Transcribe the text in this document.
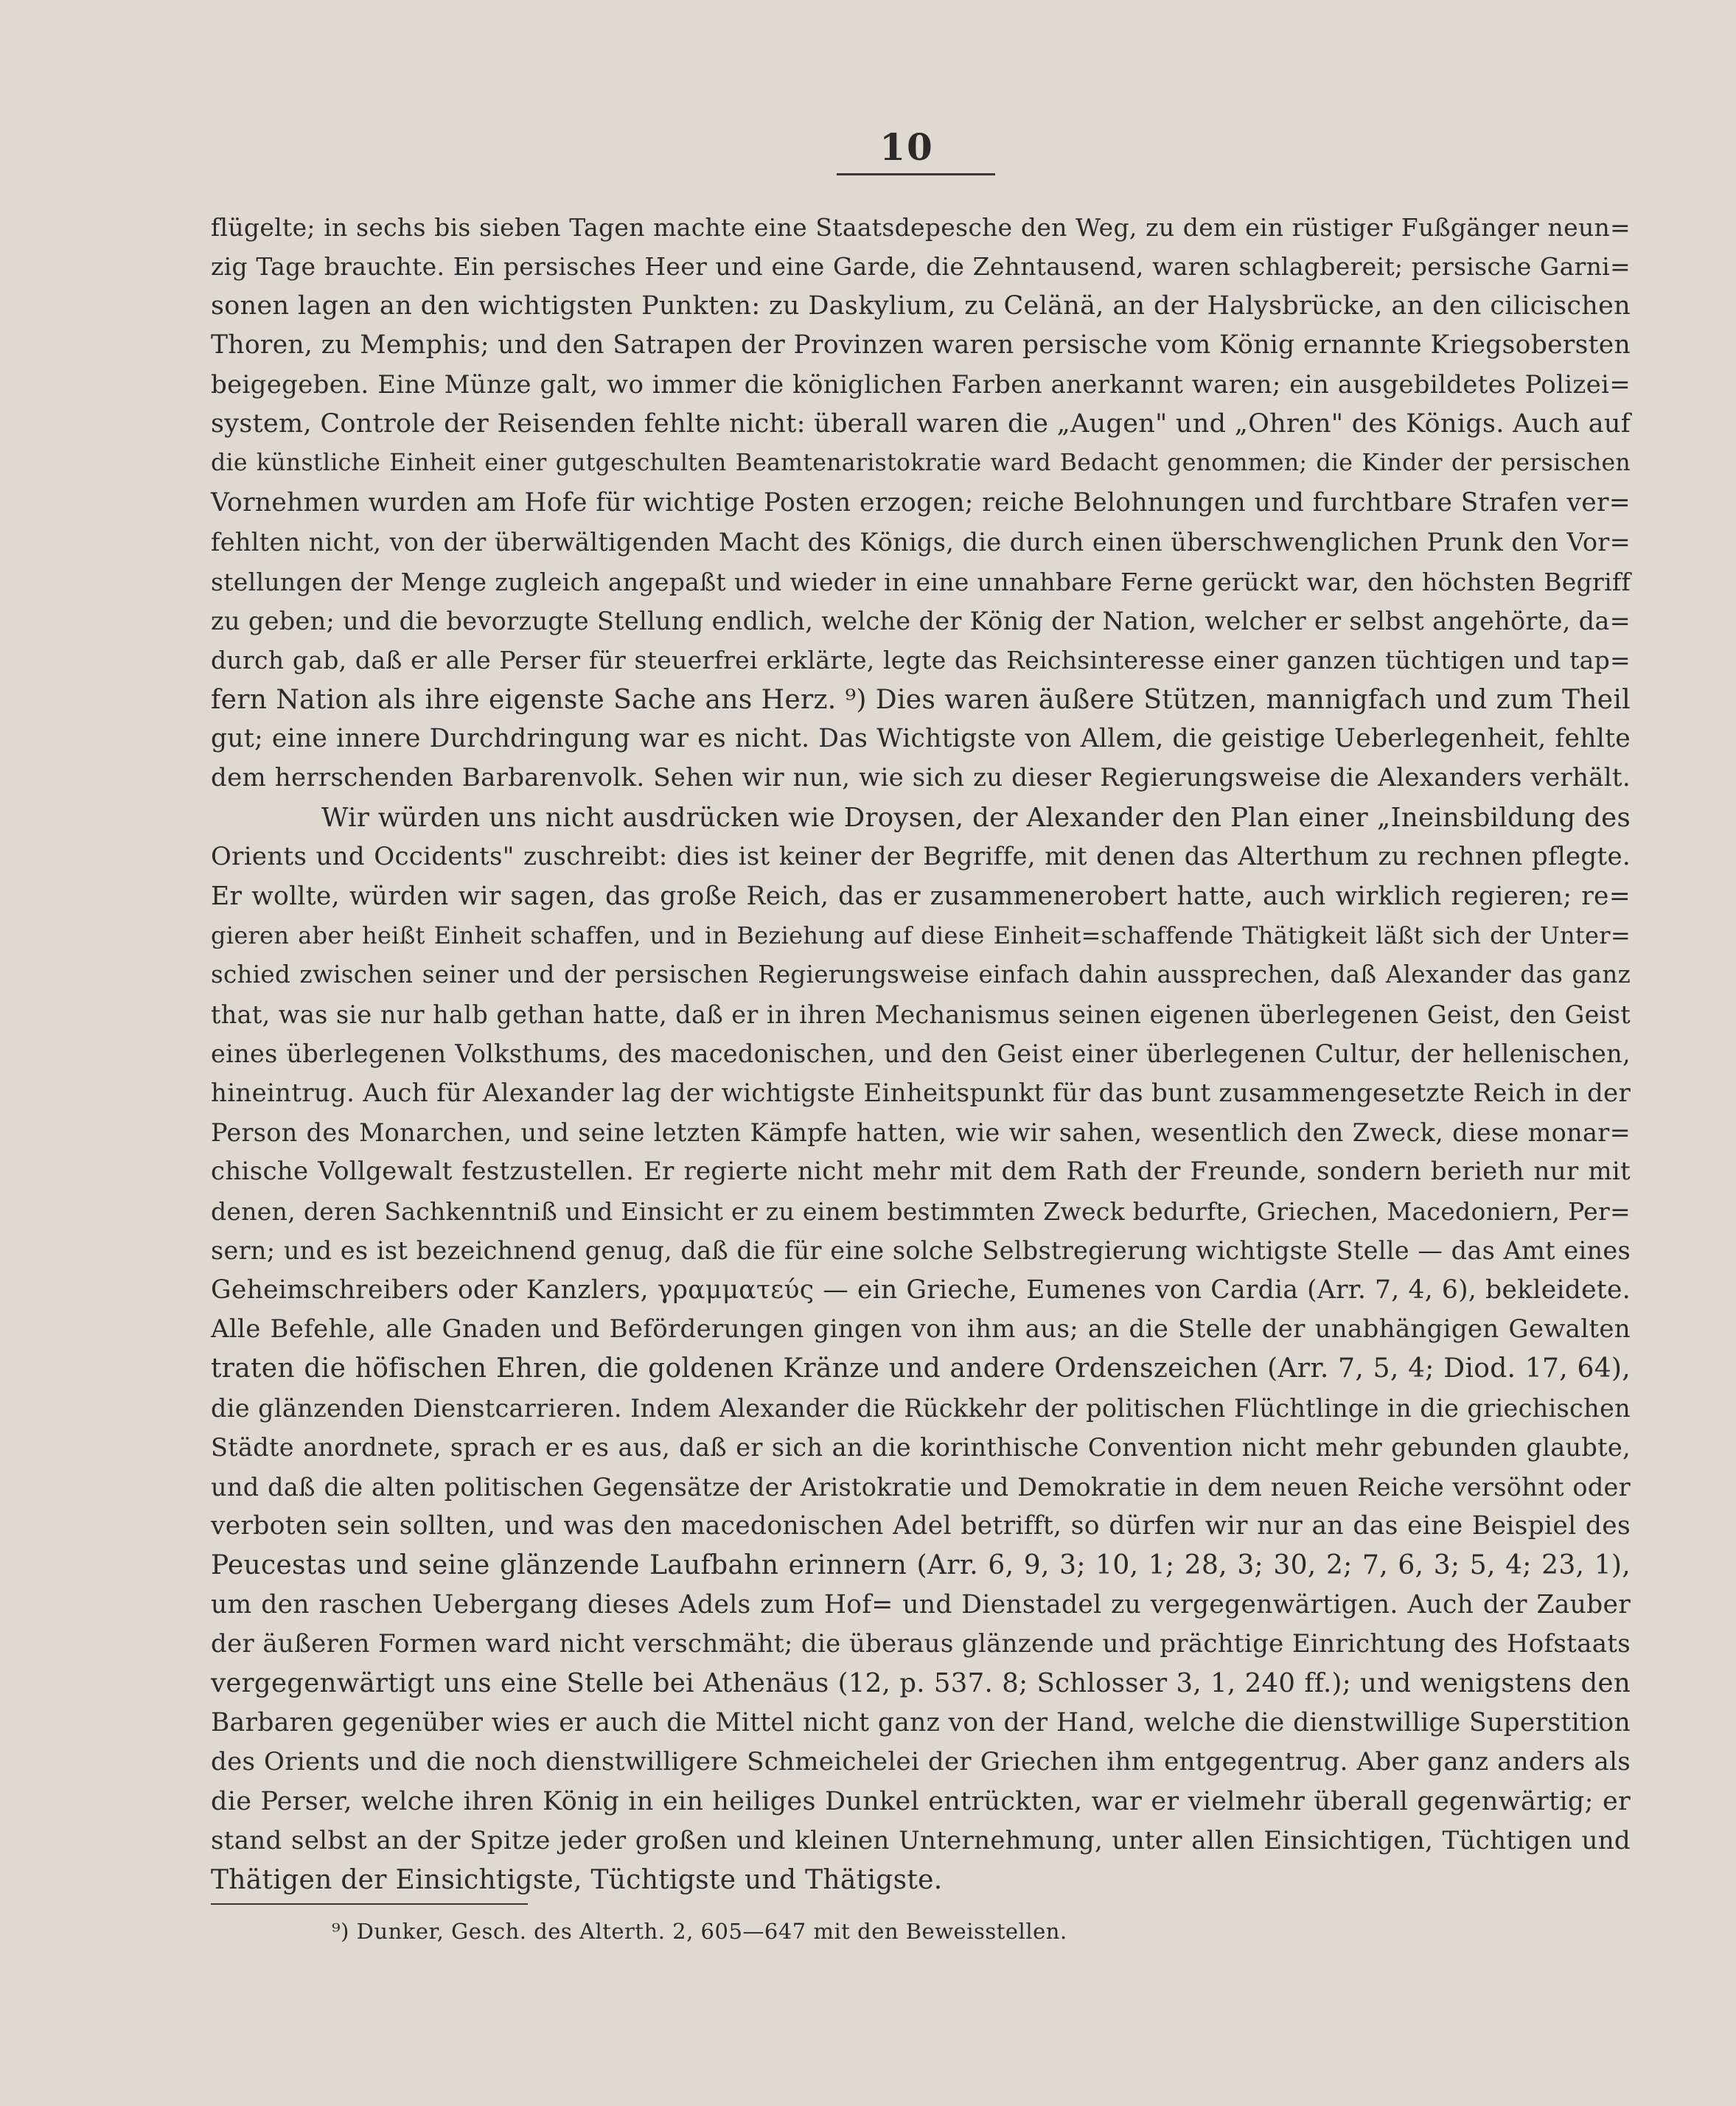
10
flügelte; in sechs bis sieben Tagen machte eine Staatsdepesche den Weg, zu dem ein rüstiger Fußgänger neun=
zig Tage brauchte. Ein persisches Heer und eine Garde, die Zehntausend, waren schlagbereit; persische Garni=
sonen lagen an den wichtigsten Punkten: zu Daskylium, zu Celänä, an der Halysbrücke, an den cilicischen
Thoren, zu Memphis; und den Satrapen der Provinzen waren persische vom König ernannte Kriegsobersten
beigegeben. Eine Münze galt, wo immer die königlichen Farben anerkannt waren; ein ausgebildetes Polizei=
system, Controle der Reisenden fehlte nicht: überall waren die „Augen" und „Ohren" des Königs. Auch auf
die künstliche Einheit einer gutgeschulten Beamtenaristokratie ward Bedacht genommen; die Kinder der persischen
Vornehmen wurden am Hofe für wichtige Posten erzogen; reiche Belohnungen und furchtbare Strafen ver=
fehlten nicht, von der überwältigenden Macht des Königs, die durch einen überschwenglichen Prunk den Vor=
stellungen der Menge zugleich angepaßt und wieder in eine unnahbare Ferne gerückt war, den höchsten Begriff
zu geben; und die bevorzugte Stellung endlich, welche der König der Nation, welcher er selbst angehörte, da=
durch gab, daß er alle Perser für steuerfrei erklärte, legte das Reichsinteresse einer ganzen tüchtigen und tap=
fern Nation als ihre eigenste Sache ans Herz. ⁹) Dies waren äußere Stützen, mannigfach und zum Theil
gut; eine innere Durchdringung war es nicht. Das Wichtigste von Allem, die geistige Ueberlegenheit, fehlte
dem herrschenden Barbarenvolk. Sehen wir nun, wie sich zu dieser Regierungsweise die Alexanders verhält.
Wir würden uns nicht ausdrücken wie Droysen, der Alexander den Plan einer „Ineinsbildung des
Orients und Occidents" zuschreibt: dies ist keiner der Begriffe, mit denen das Alterthum zu rechnen pflegte.
Er wollte, würden wir sagen, das große Reich, das er zusammenerobert hatte, auch wirklich regieren; re=
gieren aber heißt Einheit schaffen, und in Beziehung auf diese Einheit=schaffende Thätigkeit läßt sich der Unter=
schied zwischen seiner und der persischen Regierungsweise einfach dahin aussprechen, daß Alexander das ganz
that, was sie nur halb gethan hatte, daß er in ihren Mechanismus seinen eigenen überlegenen Geist, den Geist
eines überlegenen Volksthums, des macedonischen, und den Geist einer überlegenen Cultur, der hellenischen,
hineintrug. Auch für Alexander lag der wichtigste Einheitspunkt für das bunt zusammengesetzte Reich in der
Person des Monarchen, und seine letzten Kämpfe hatten, wie wir sahen, wesentlich den Zweck, diese monar=
chische Vollgewalt festzustellen. Er regierte nicht mehr mit dem Rath der Freunde, sondern berieth nur mit
denen, deren Sachkenntniß und Einsicht er zu einem bestimmten Zweck bedurfte, Griechen, Macedoniern, Per=
sern; und es ist bezeichnend genug, daß die für eine solche Selbstregierung wichtigste Stelle — das Amt eines
Geheimschreibers oder Kanzlers, γραμματεύς — ein Grieche, Eumenes von Cardia (Arr. 7, 4, 6), bekleidete.
Alle Befehle, alle Gnaden und Beförderungen gingen von ihm aus; an die Stelle der unabhängigen Gewalten
traten die höfischen Ehren, die goldenen Kränze und andere Ordenszeichen (Arr. 7, 5, 4; Diod. 17, 64),
die glänzenden Dienstcarrieren. Indem Alexander die Rückkehr der politischen Flüchtlinge in die griechischen
Städte anordnete, sprach er es aus, daß er sich an die korinthische Convention nicht mehr gebunden glaubte,
und daß die alten politischen Gegensätze der Aristokratie und Demokratie in dem neuen Reiche versöhnt oder
verboten sein sollten, und was den macedonischen Adel betrifft, so dürfen wir nur an das eine Beispiel des
Peucestas und seine glänzende Laufbahn erinnern (Arr. 6, 9, 3; 10, 1; 28, 3; 30, 2; 7, 6, 3; 5, 4; 23, 1),
um den raschen Uebergang dieses Adels zum Hof= und Dienstadel zu vergegenwärtigen. Auch der Zauber
der äußeren Formen ward nicht verschmäht; die überaus glänzende und prächtige Einrichtung des Hofstaats
vergegenwärtigt uns eine Stelle bei Athenäus (12, p. 537. 8; Schlosser 3, 1, 240 ff.); und wenigstens den
Barbaren gegenüber wies er auch die Mittel nicht ganz von der Hand, welche die dienstwillige Superstition
des Orients und die noch dienstwilligere Schmeichelei der Griechen ihm entgegentrug. Aber ganz anders als
die Perser, welche ihren König in ein heiliges Dunkel entrückten, war er vielmehr überall gegenwärtig; er
stand selbst an der Spitze jeder großen und kleinen Unternehmung, unter allen Einsichtigen, Tüchtigen und
Thätigen der Einsichtigste, Tüchtigste und Thätigste.
⁹) Dunker, Gesch. des Alterth. 2, 605—647 mit den Beweisstellen.
